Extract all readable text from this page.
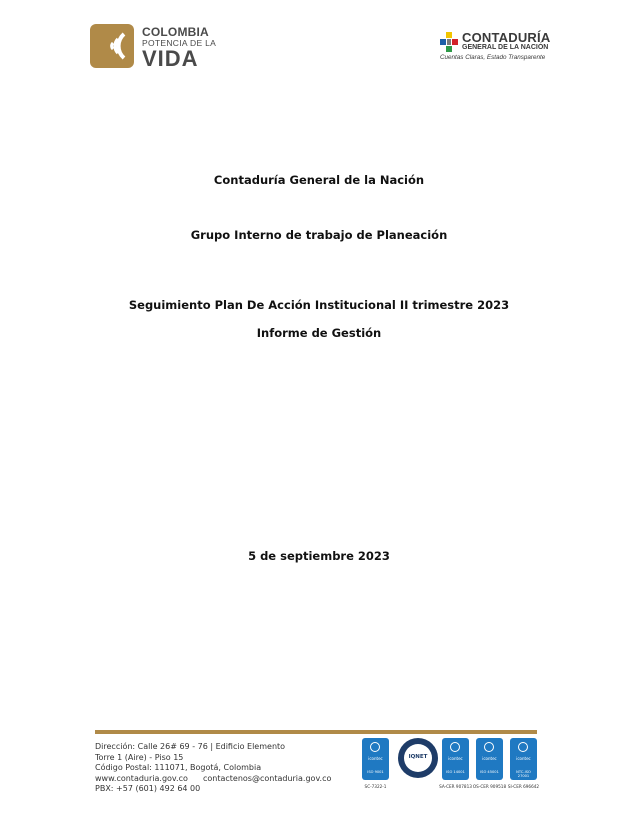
COLOMBIA
POTENCIA DE LA
VIDA
CONTADURÍA
GENERAL DE LA NACIÓN
Cuentas Claras, Estado Transparente
Contaduría General de la Nación
Grupo Interno de trabajo de Planeación
Seguimiento Plan De Acción Institucional II trimestre 2023
Informe de Gestión
5 de septiembre 2023
Dirección: Calle 26# 69 - 76 | Edificio Elemento
Torre 1 (Aire) - Piso 15
Código Postal: 111071, Bogotá, Colombia
www.contaduria.gov.co contactenos@contaduria.gov.co
PBX: +57 (601) 492 64 00
icontec
ISO 9001
SC-7322-1
IQNET	icontec
ISO 14001
SA-CER 907813
icontec
ISO 45001
OS-CER 909518
icontec
NTC-ISO 27001
SI-CER 696642
